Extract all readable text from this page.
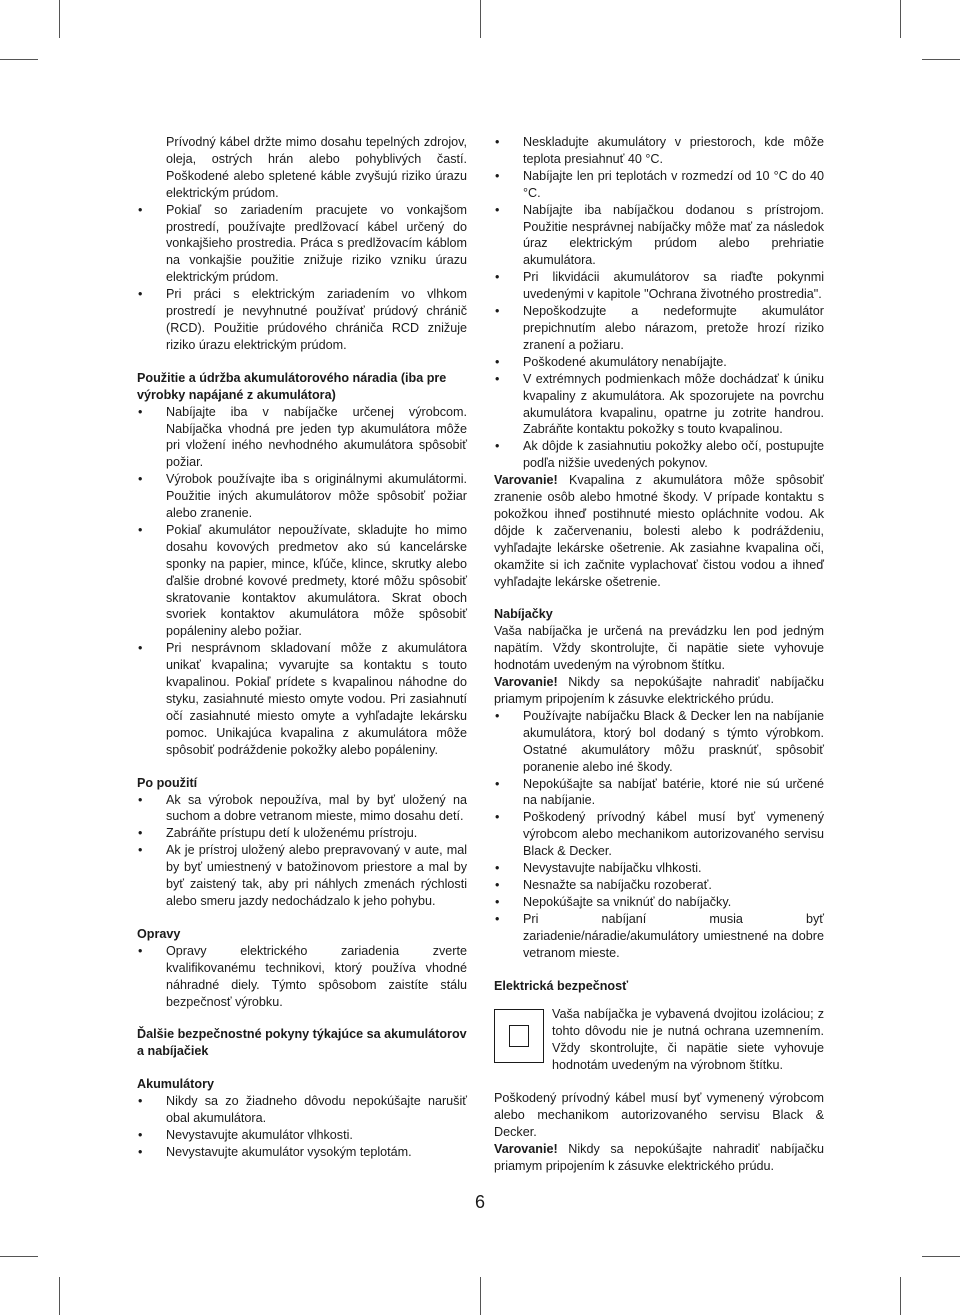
Prívodný kábel držte mimo dosahu tepelných zdrojov, oleja, ostrých hrán alebo pohyblivých častí. Poškodené alebo spletené káble zvyšujú riziko úrazu elektrickým prúdom.

• Pokiaľ so zariadením pracujete vo vonkajšom prostredí, používajte predlžovací kábel určený do vonkajšieho prostredia. Práca s predlžovacím káblom na vonkajšie použitie znižuje riziko vzniku úrazu elektrickým prúdom.
• Pri práci s elektrickým zariadením vo vlhkom prostredí je nevyhnutné používať prúdový chránič (RCD). Použitie prúdového chrániča RCD znižuje riziko úrazu elektrickým prúdom.
Použitie a údržba akumulátorového náradia (iba pre výrobky napájané z akumulátora)
• Nabíjajte iba v nabíjačke určenej výrobcom. Nabíjačka vhodná pre jeden typ akumulátora môže pri vložení iného nevhodného akumulátora spôsobiť požiar.
• Výrobok používajte iba s originálnymi akumulátormi. Použitie iných akumulátorov môže spôsobiť požiar alebo zranenie.
• Pokiaľ akumulátor nepoužívate, skladujte ho mimo dosahu kovových predmetov ako sú kancelárske sponky na papier, mince, kľúče, klince, skrutky alebo ďalšie drobné kovové predmety, ktoré môžu spôsobiť skratovanie kontaktov akumulátora. Skrat oboch svoriek kontaktov akumulátora môže spôsobiť popáleniny alebo požiar.
• Pri nesprávnom skladovaní môže z akumulátora unikať kvapalina; vyvarujte sa kontaktu s touto kvapalinou. Pokiaľ prídete s kvapalinou náhodne do styku, zasiahnuté miesto omyte vodou. Pri zasiahnutí očí zasiahnuté miesto omyte a vyhľadajte lekársku pomoc. Unikajúca kvapalina z akumulátora môže spôsobiť podráždenie pokožky alebo popáleniny.
Po použití
• Ak sa výrobok nepoužíva, mal by byť uložený na suchom a dobre vetranom mieste, mimo dosahu detí.
• Zabráňte prístupu detí k uloženému prístroju.
• Ak je prístroj uložený alebo prepravovaný v aute, mal by byť umiestnený v batožinovom priestore a mal by byť zaistený tak, aby pri náhlych zmenách rýchlosti alebo smeru jazdy nedochádzalo k jeho pohybu.
Opravy
• Opravy elektrického zariadenia zverte kvalifikovanému technikovi, ktorý používa vhodné náhradné diely. Týmto spôsobom zaistíte stálu bezpečnosť výrobku.
Ďalšie bezpečnostné pokyny týkajúce sa akumulátorov a nabíjačiek
Akumulátory
• Nikdy sa zo žiadneho dôvodu nepokúšajte narušiť obal akumulátora.
• Nevystavujte akumulátor vlhkosti.
• Nevystavujte akumulátor vysokým teplotám.
• Neskladujte akumulátory v priestoroch, kde môže teplota presiahnuť 40 °C.
• Nabíjajte len pri teplotách v rozmedzí od 10 °C do 40 °C.
• Nabíjajte iba nabíjačkou dodanou s prístrojom. Použitie nesprávnej nabíjačky môže mať za následok úraz elektrickým prúdom alebo prehriatie akumulátora.
• Pri likvidácii akumulátorov sa riaďte pokynmi uvedenými v kapitole "Ochrana životného prostredia".
• Nepoškodzujte a nedeformujte akumulátor prepichnutím alebo nárazom, pretože hrozí riziko zranení a požiaru.
• Poškodené akumulátory nenabíjajte.
• V extrémnych podmienkach môže dochádzať k úniku kvapaliny z akumulátora. Ak spozorujete na povrchu akumulátora kvapalinu, opatrne ju zotrite handrou. Zabráňte kontaktu pokožky s touto kvapalinou.
• Ak dôjde k zasiahnutiu pokožky alebo očí, postupujte podľa nižšie uvedených pokynov.

Varovanie! Kvapalina z akumulátora môže spôsobiť zranenie osôb alebo hmotné škody. V prípade kontaktu s pokožkou ihneď postihnuté miesto opláchnite vodou. Ak dôjde k začervenaniu, bolesti alebo k podráždeniu, vyhľadajte lekárske ošetrenie. Ak zasiahne kvapalina oči, okamžite si ich začnite vyplachovať čistou vodou a ihneď vyhľadajte lekárske ošetrenie.

Nabíjačky

Vaša nabíjačka je určená na prevádzku len pod jedným napätím. Vždy skontrolujte, či napätie siete vyhovuje hodnotám uvedeným na výrobnom štítku.

Varovanie! Nikdy sa nepokúšajte nahradiť nabíjačku priamym pripojením k zásuvke elektrického prúdu.

• Používajte nabíjačku Black & Decker len na nabíjanie akumulátora, ktorý bol dodaný s týmto výrobkom. Ostatné akumulátory môžu prasknúť, spôsobiť poranenie alebo iné škody.
• Nepokúšajte sa nabíjať batérie, ktoré nie sú určené na nabíjanie.
• Poškodený prívodný kábel musí byť vymenený výrobcom alebo mechanikom autorizovaného servisu Black & Decker.
• Nevystavujte nabíjačku vlhkosti.
• Nesnažte sa nabíjačku rozoberať.
• Nepokúšajte sa vniknúť do nabíjačky.
• Pri nabíjaní musia byť zariadenie/náradie/akumulátory umiestnené na dobre vetranom mieste.
Elektrická bezpečnosť

Vaša nabíjačka je vybavená dvojitou izoláciou; z tohto dôvodu nie je nutná ochrana uzemnením. Vždy skontrolujte, či napätie siete vyhovuje hodnotám uvedeným na výrobnom štítku.

Poškodený prívodný kábel musí byť vymenený výrobcom alebo mechanikom autorizovaného servisu Black & Decker.

Varovanie! Nikdy sa nepokúšajte nahradiť nabíjačku priamym pripojením k zásuvke elektrického prúdu.

6
